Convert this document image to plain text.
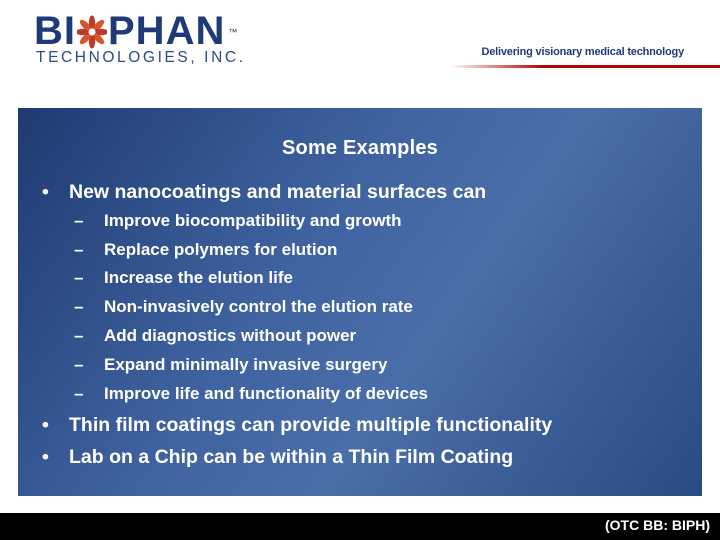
BI PHAN ™
TECHNOLOGIES, INC.	Delivering visionary medical technology
Some Examples
• New nanocoatings and material surfaces can
– Improve biocompatibility and growth
– Replace polymers for elution
– Increase the elution life
– Non-invasively control the elution rate
– Add diagnostics without power
– Expand minimally invasive surgery
– Improve life and functionality of devices
• Thin film coatings can provide multiple functionality
• Lab on a Chip can be within a Thin Film Coating
(OTC BB: BIPH)
